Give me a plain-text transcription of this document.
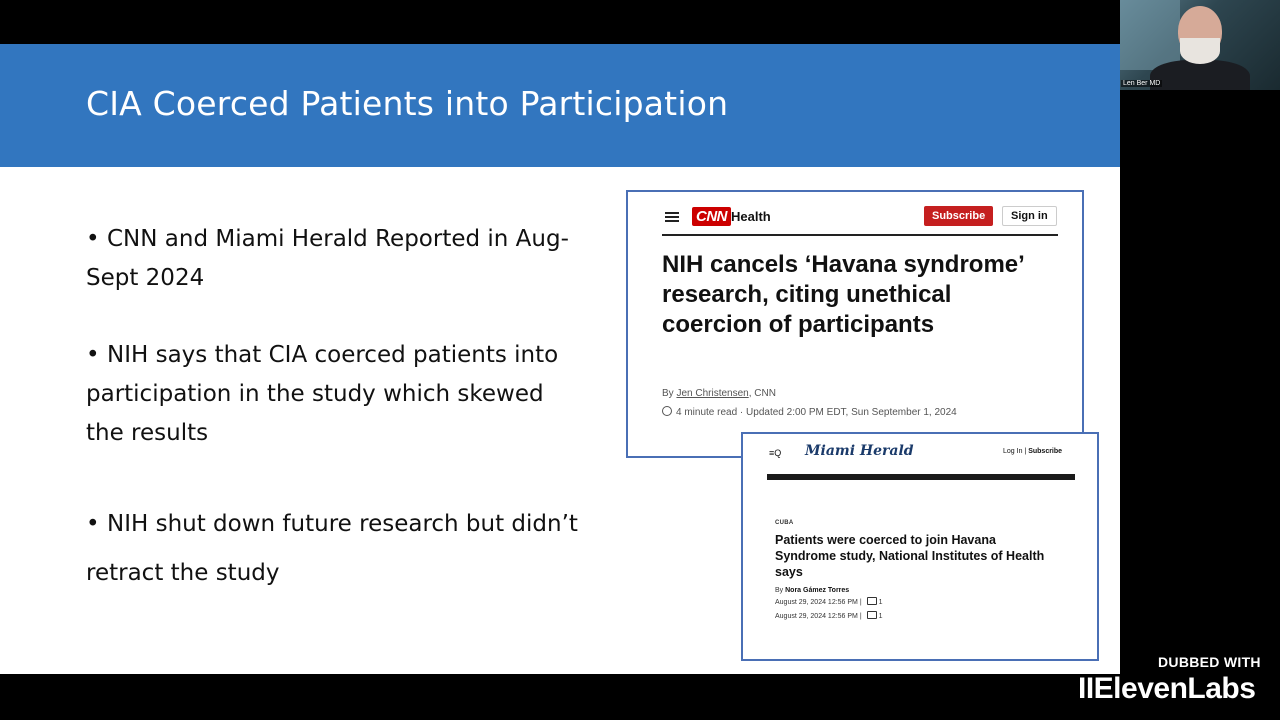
CIA Coerced Patients into Participation
• CNN and Miami Herald Reported in Aug-
Sept 2024
• NIH says that CIA coerced patients into
participation in the study which skewed
the results
• NIH shut down future research but didn’t
retract the study
CNN Health	Subscribe	Sign in
NIH cancels ‘Havana syndrome’ research, citing unethical coercion of participants
By Jen Christensen, CNN
4 minute read · Updated 2:00 PM EDT, Sun September 1, 2024
≡Q Miami Herald	Log In | Subscribe
CUBA
Patients were coerced to join Havana Syndrome study, National Institutes of Health says
By Nora Gámez Torres
August 29, 2024 12:56 PM | 1
August 29, 2024 12:56 PM | 1
Len Ber MD
DUBBED WITH
IIElevenLabs
